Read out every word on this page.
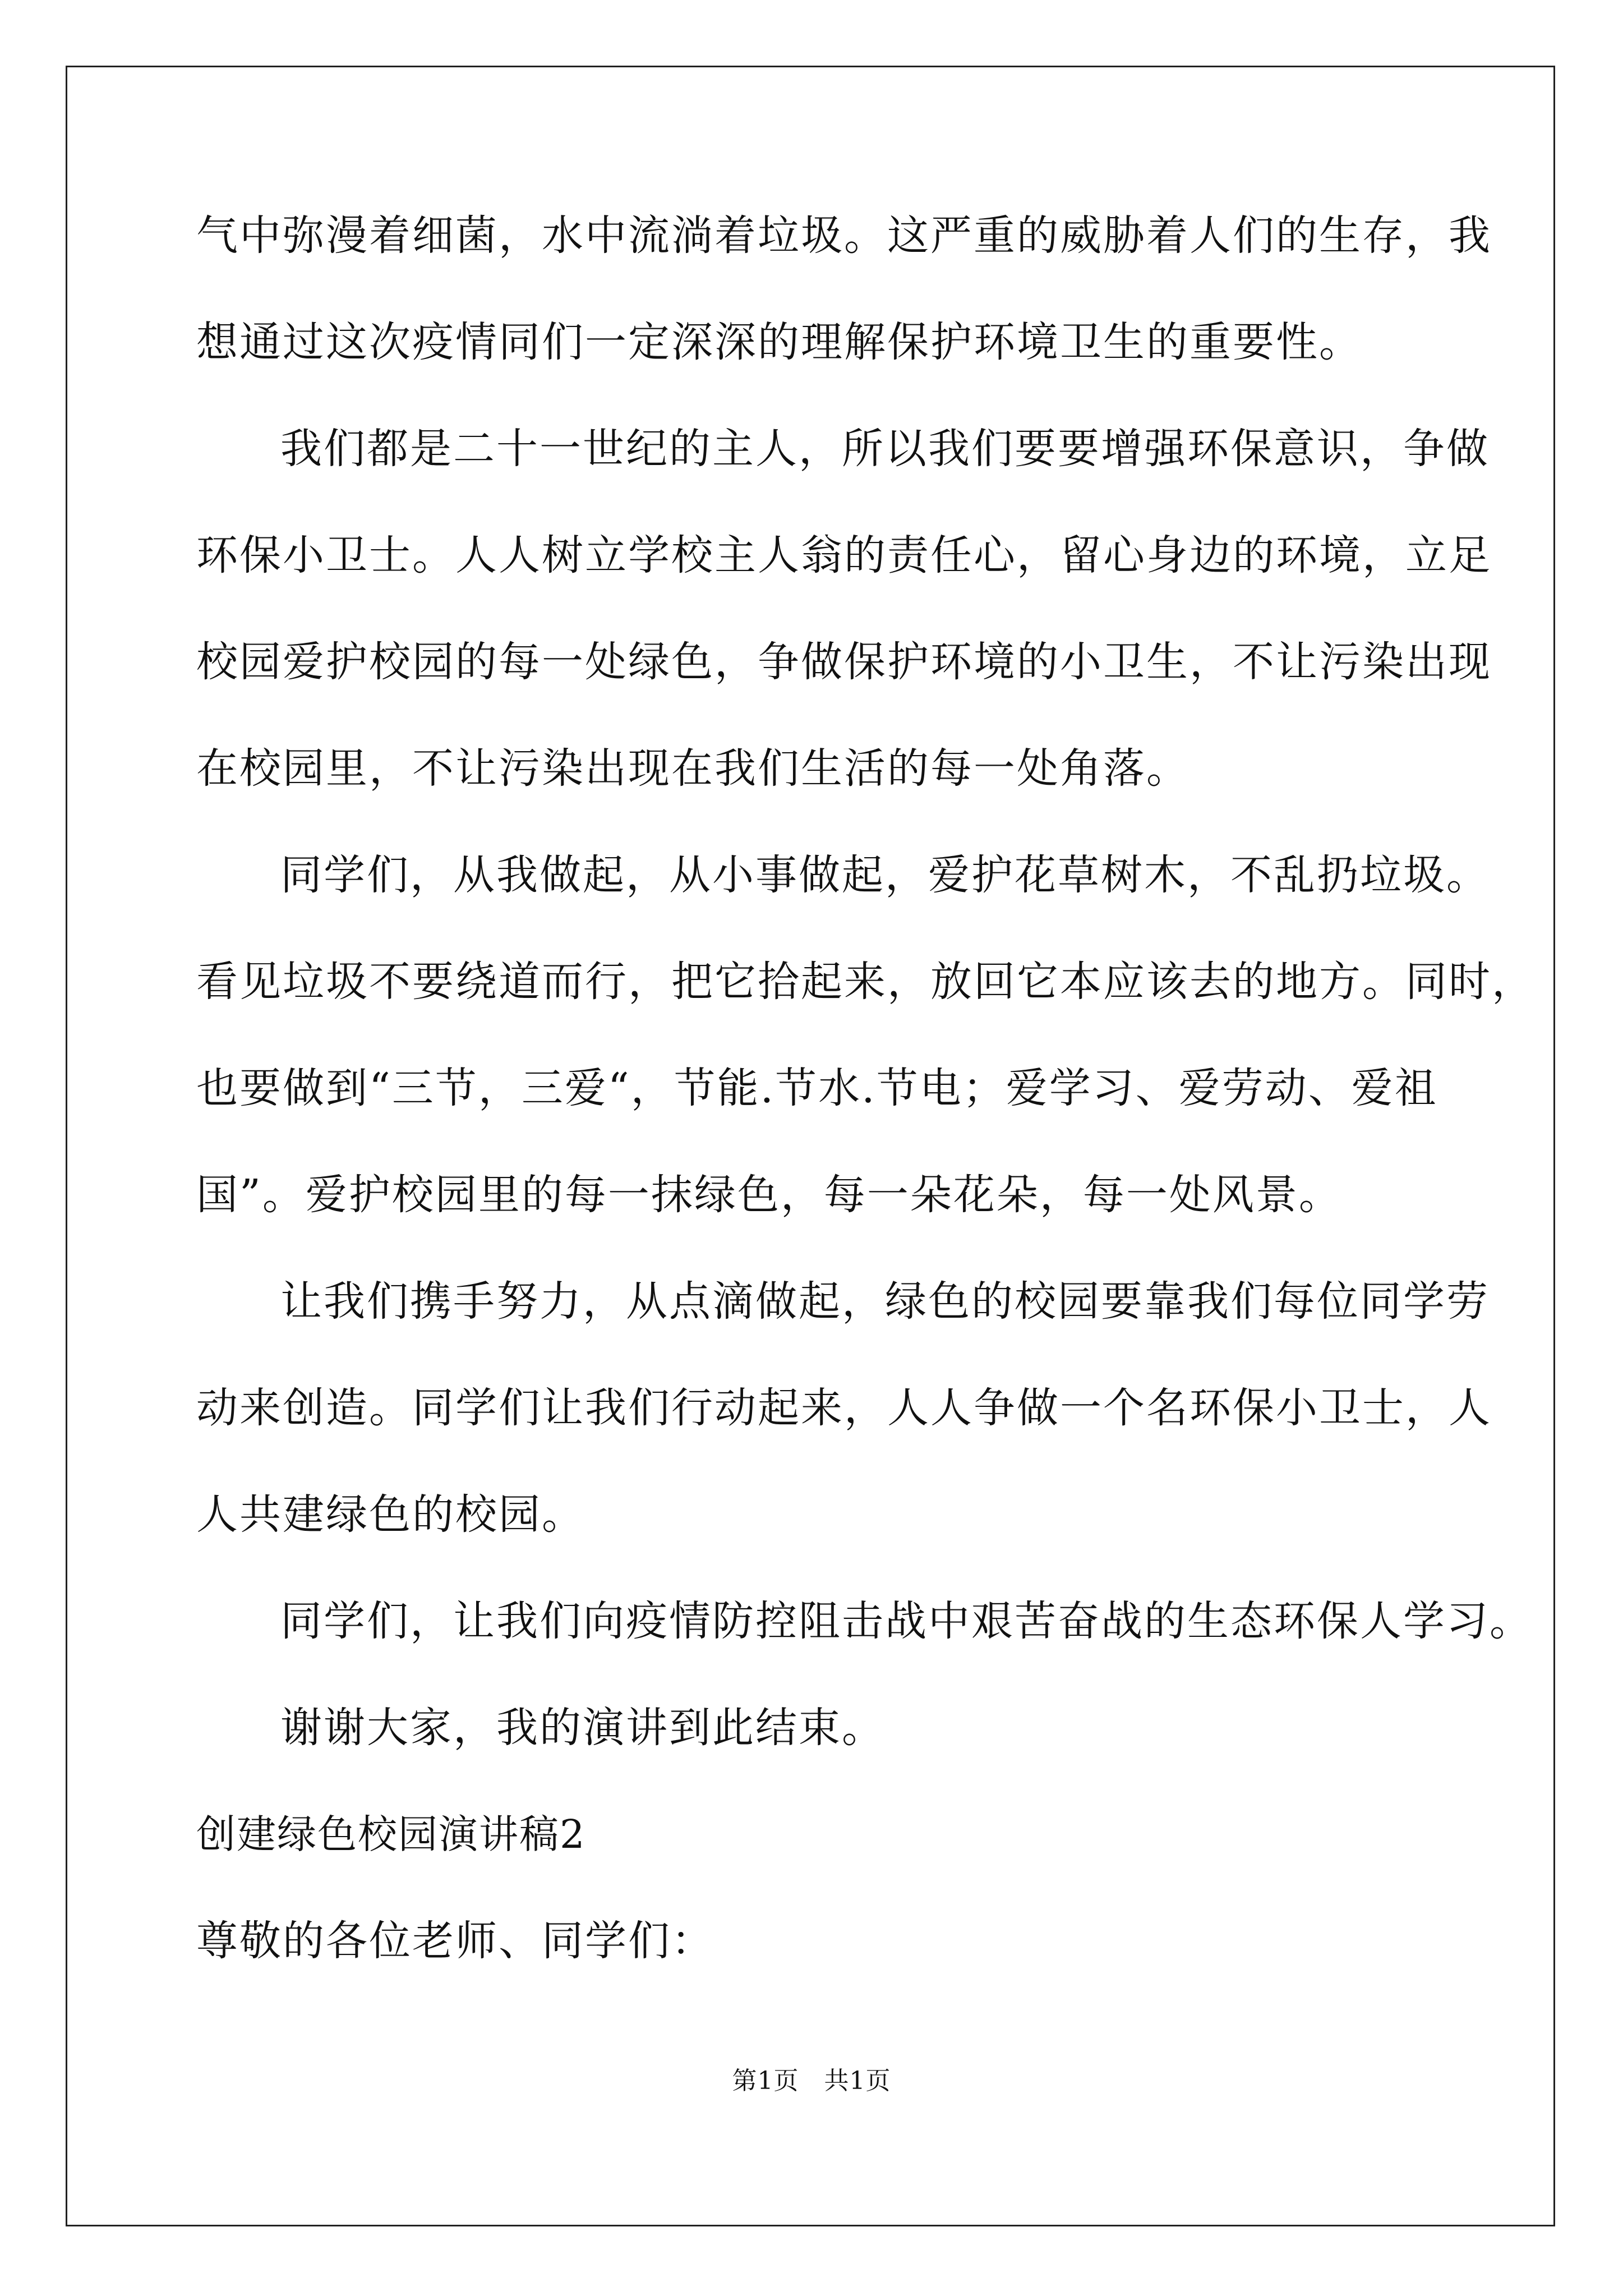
气中弥漫着细菌，水中流淌着垃圾。这严重的威胁着人们的生存，我
想通过这次疫情同们一定深深的理解保护环境卫生的重要性。
我们都是二十一世纪的主人，所以我们要要增强环保意识，争做
环保小卫士。人人树立学校主人翁的责任心，留心身边的环境，立足
校园爱护校园的每一处绿色，争做保护环境的小卫生，不让污染出现
在校园里，不让污染出现在我们生活的每一处角落。
同学们，从我做起，从小事做起，爱护花草树木，不乱扔垃圾。
看见垃圾不要绕道而行，把它拾起来，放回它本应该去的地方。同时，
也要做到“三节，三爱“，节能.节水.节电；爱学习、爱劳动、爱祖
国”。爱护校园里的每一抹绿色，每一朵花朵，每一处风景。
让我们携手努力，从点滴做起，绿色的校园要靠我们每位同学劳
动来创造。同学们让我们行动起来，人人争做一个名环保小卫士，人
人共建绿色的校园。
同学们，让我们向疫情防控阻击战中艰苦奋战的生态环保人学习。
谢谢大家，我的演讲到此结束。
创建绿色校园演讲稿2
尊敬的各位老师、同学们：
第1页　共1页
